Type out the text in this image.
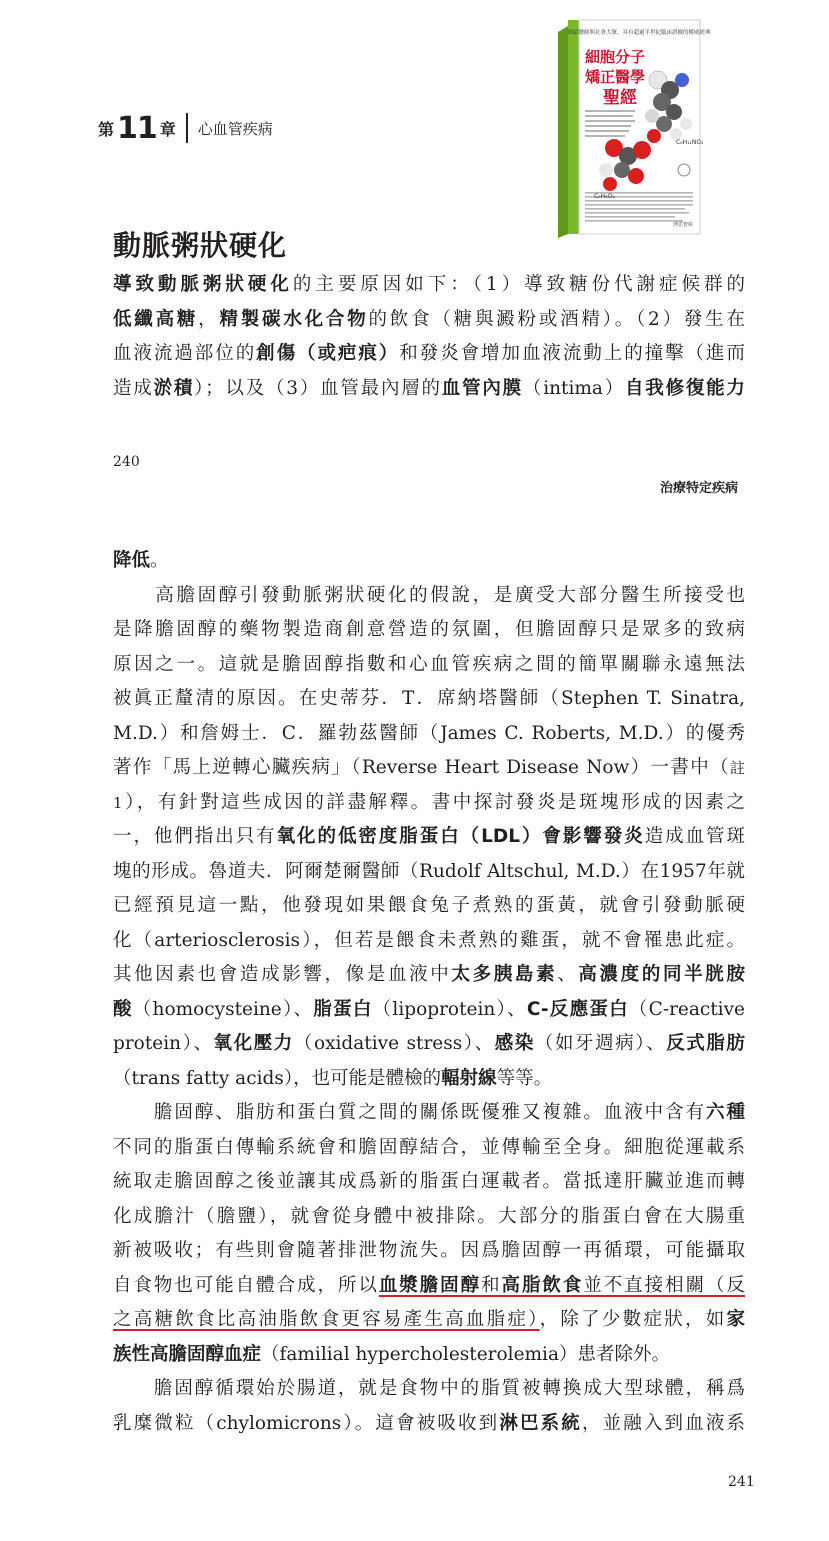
第 11 章 心血管疾病
寫給醫師與社會大眾、具有超過半世紀臨床證據的權威經典
細胞分子
矯正醫學
聖經
博思智庫
C₈H₁₁NO₂
C₆H₈O₆
動脈粥狀硬化
導致動脈粥狀硬化的主要原因如下：（1）導致糖份代謝症候群的
低纖高糖，精製碳水化合物的飲食（糖與澱粉或酒精）。（2）發生在
血液流過部位的創傷（或疤痕）和發炎會增加血液流動上的撞擊（進而
造成淤積）；以及（3）血管最內層的血管內膜（intima）自我修復能力
240
治療特定疾病
降低。
　　高膽固醇引發動脈粥狀硬化的假說，是廣受大部分醫生所接受也
是降膽固醇的藥物製造商創意營造的氛圍，但膽固醇只是眾多的致病
原因之一。這就是膽固醇指數和心血管疾病之間的簡單關聯永遠無法
被眞正釐清的原因。在史蒂芬．T．席納塔醫師（Stephen T. Sinatra,
M.D.）和詹姆士．C．羅勃茲醫師（James C. Roberts, M.D.）的優秀
著作「馬上逆轉心臟疾病」（Reverse Heart Disease Now）一書中（註
1），有針對這些成因的詳盡解釋。書中探討發炎是斑塊形成的因素之
一，他們指出只有氧化的低密度脂蛋白（LDL）會影響發炎造成血管斑
塊的形成。魯道夫．阿爾楚爾醫師（Rudolf Altschul, M.D.）在1957年就
已經預見這一點，他發現如果餵食兔子煮熟的蛋黃，就會引發動脈硬
化（arteriosclerosis），但若是餵食未煮熟的雞蛋，就不會罹患此症。
其他因素也會造成影響，像是血液中太多胰島素、高濃度的同半胱胺
酸（homocysteine）、脂蛋白（lipoprotein）、C-反應蛋白（C-reactive
protein）、氧化壓力（oxidative stress）、感染（如牙週病）、反式脂肪
（trans fatty acids），也可能是體檢的輻射線等等。
　　膽固醇、脂肪和蛋白質之間的關係既優雅又複雜。血液中含有六種
不同的脂蛋白傳輸系統會和膽固醇結合，並傳輸至全身。細胞從運載系
統取走膽固醇之後並讓其成爲新的脂蛋白運載者。當抵達肝臟並進而轉
化成膽汁（膽鹽），就會從身體中被排除。大部分的脂蛋白會在大腸重
新被吸收；有些則會隨著排泄物流失。因爲膽固醇一再循環，可能攝取
自食物也可能自體合成，所以血漿膽固醇和高脂飲食並不直接相關（反
之高糖飲食比高油脂飲食更容易產生高血脂症），除了少數症狀，如家
族性高膽固醇血症（familial hypercholesterolemia）患者除外。
　　膽固醇循環始於腸道，就是食物中的脂質被轉換成大型球體，稱爲
乳糜微粒（chylomicrons）。這會被吸收到淋巴系統，並融入到血液系
241
